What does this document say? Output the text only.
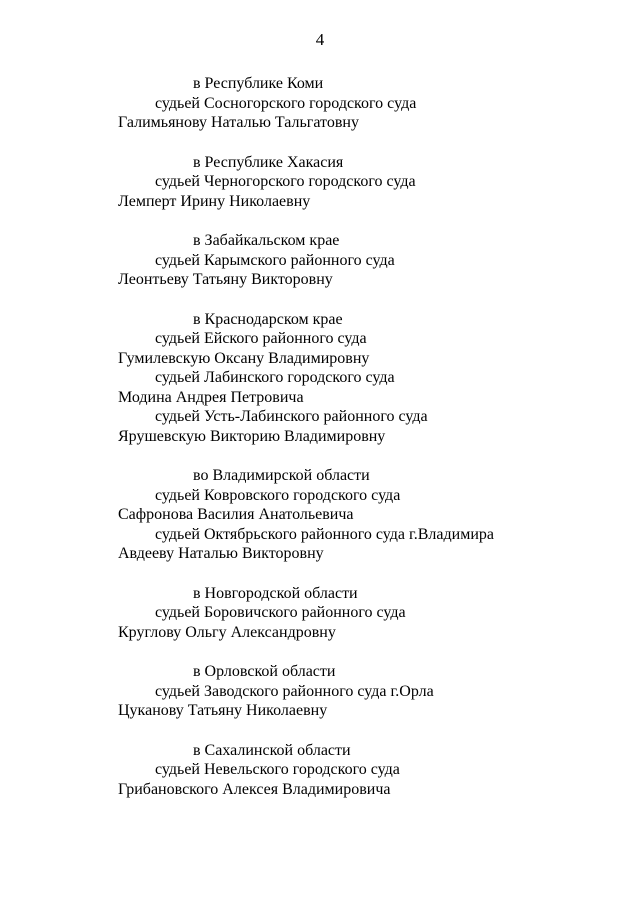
4
в Республике Коми
судьей Сосногорского городского суда
Галимьянову Наталью Тальгатовну
в Республике Хакасия
судьей Черногорского городского суда
Лемперт Ирину Николаевну
в Забайкальском крае
судьей Карымского районного суда
Леонтьеву Татьяну Викторовну
в Краснодарском крае
судьей Ейского районного суда
Гумилевскую Оксану Владимировну
судьей Лабинского городского суда
Модина Андрея Петровича
судьей Усть-Лабинского районного суда
Ярушевскую Викторию Владимировну
во Владимирской области
судьей Ковровского городского суда
Сафронова Василия Анатольевича
судьей Октябрьского районного суда г.Владимира
Авдееву Наталью Викторовну
в Новгородской области
судьей Боровичского районного суда
Круглову Ольгу Александровну
в Орловской области
судьей Заводского районного суда г.Орла
Цуканову Татьяну Николаевну
в Сахалинской области
судьей Невельского городского суда
Грибановского Алексея Владимировича
